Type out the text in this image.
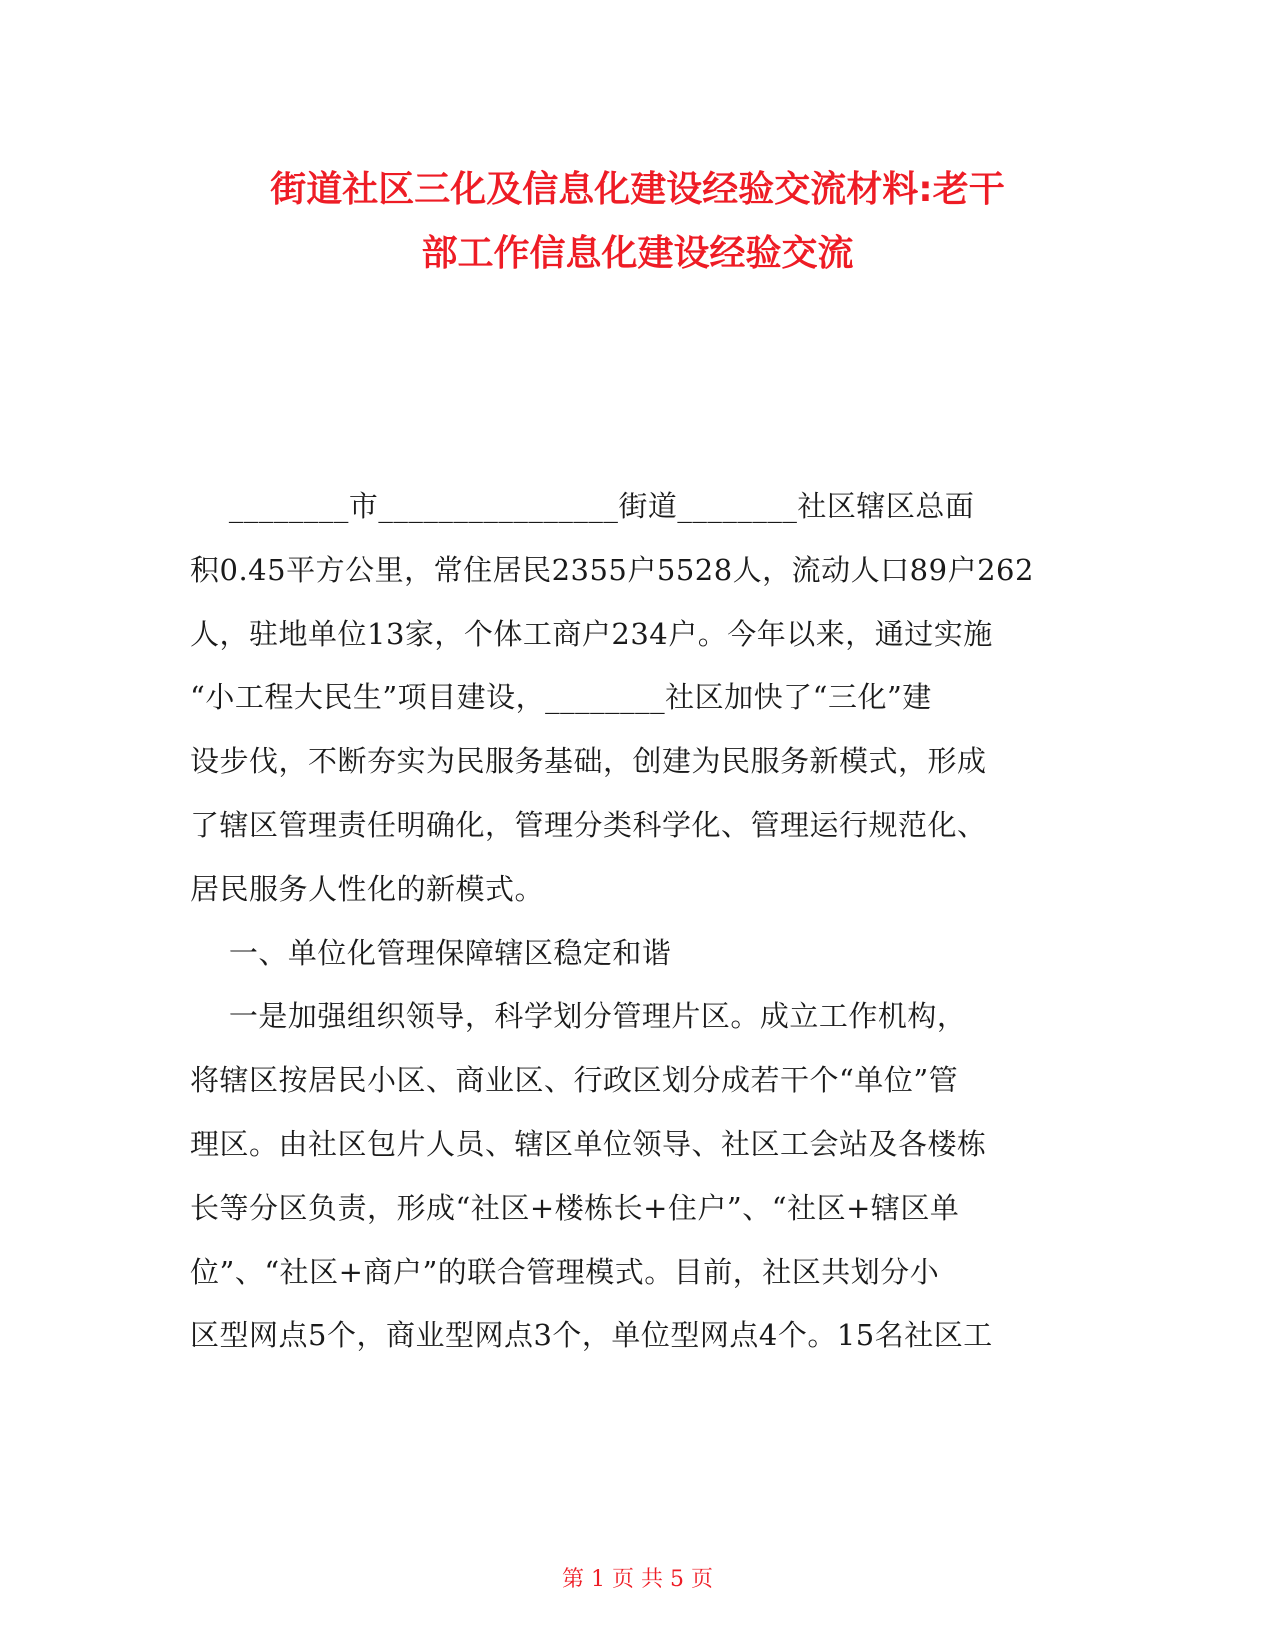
街道社区三化及信息化建设经验交流材料:老干
部工作信息化建设经验交流
________市________________街道________社区辖区总面
积0.45平方公里，常住居民2355户5528人，流动人口89户262
人，驻地单位13家，个体工商户234户。今年以来，通过实施
“小工程大民生”项目建设，________社区加快了“三化”建
设步伐，不断夯实为民服务基础，创建为民服务新模式，形成
了辖区管理责任明确化，管理分类科学化、管理运行规范化、
居民服务人性化的新模式。
一、单位化管理保障辖区稳定和谐
一是加强组织领导，科学划分管理片区。成立工作机构，
将辖区按居民小区、商业区、行政区划分成若干个“单位”管
理区。由社区包片人员、辖区单位领导、社区工会站及各楼栋
长等分区负责，形成“社区+楼栋长+住户”、“社区+辖区单
位”、“社区+商户”的联合管理模式。目前，社区共划分小
区型网点5个，商业型网点3个，单位型网点4个。15名社区工
第 1 页 共 5 页
